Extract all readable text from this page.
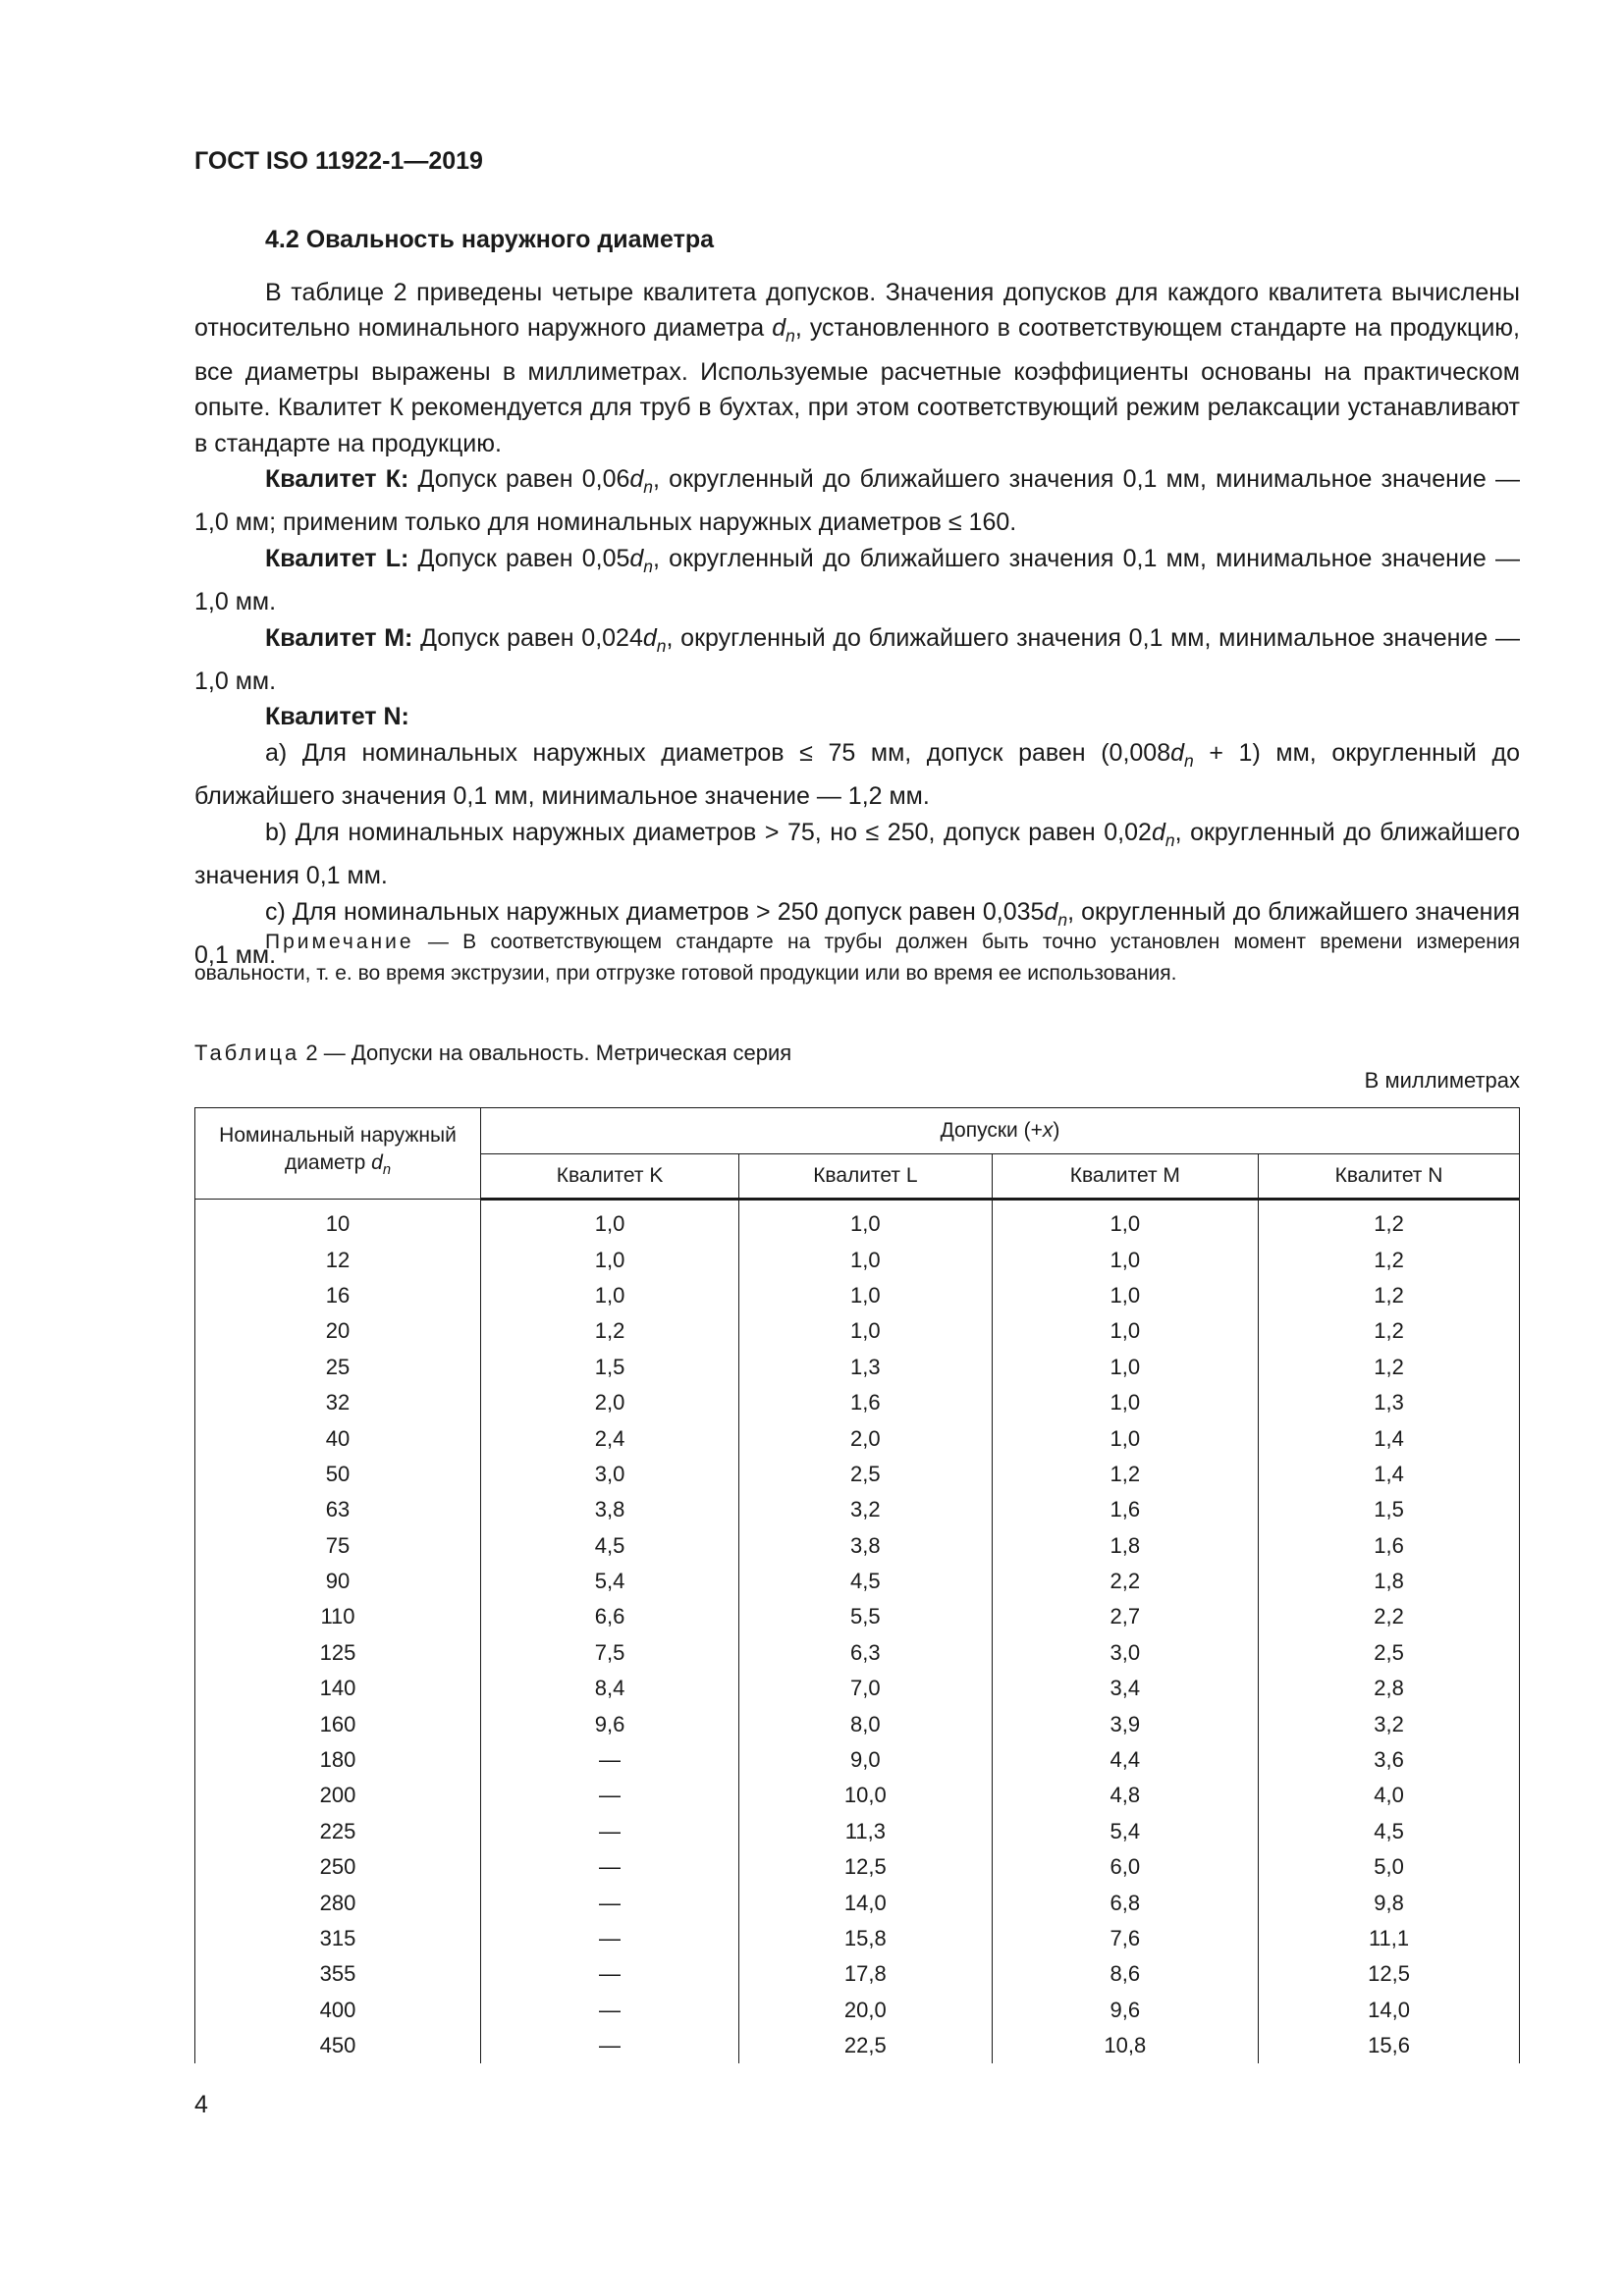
ГОСТ ISO 11922-1—2019
4.2 Овальность наружного диаметра

В таблице 2 приведены четыре квалитета допусков. Значения допусков для каждого квалитета вычислены относительно номинального наружного диаметра $d_n$, установленного в соответствующем стандарте на продукцию, все диаметры выражены в миллиметрах. Используемые расчетные коэффициенты основаны на практическом опыте. Квалитет К рекомендуется для труб в бухтах, при этом соответствующий режим релаксации устанавливают в стандарте на продукцию.

Квалитет К: Допуск равен $0,06d_n$, округленный до ближайшего значения 0,1 мм, минимальное значение — 1,0 мм; применим только для номинальных наружных диаметров ≤ 160.

Квалитет L: Допуск равен $0,05d_n$, округленный до ближайшего значения 0,1 мм, минимальное значение — 1,0 мм.

Квалитет М: Допуск равен $0,024d_n$, округленный до ближайшего значения 0,1 мм, минимальное значение — 1,0 мм.

Квалитет N:

a) Для номинальных наружных диаметров ≤ 75 мм, допуск равен $(0,008d_n + 1)$ мм, округленный до ближайшего значения 0,1 мм, минимальное значение — 1,2 мм.

b) Для номинальных наружных диаметров > 75, но ≤ 250, допуск равен $0,02d_n$, округленный до ближайшего значения 0,1 мм.

c) Для номинальных наружных диаметров > 250 допуск равен $0,035d_n$, округленный до ближайшего значения 0,1 мм.

Примечание — В соответствующем стандарте на трубы должен быть точно установлен момент времени измерения овальности, т. е. во время экструзии, при отгрузке готовой продукции или во время ее использования.

Таблица 2 — Допуски на овальность. Метрическая серия
В миллиметрах
Номинальный наружный диаметр $d_n$	Допуски (+x)			
	Квалитет K	Квалитет L	Квалитет M	Квалитет N
10	1,0	1,0	1,0	1,2
12	1,0	1,0	1,0	1,2
16	1,0	1,0	1,0	1,2
20	1,2	1,0	1,0	1,2
25	1,5	1,3	1,0	1,2
32	2,0	1,6	1,0	1,3
40	2,4	2,0	1,0	1,4
50	3,0	2,5	1,2	1,4
63	3,8	3,2	1,6	1,5
75	4,5	3,8	1,8	1,6
90	5,4	4,5	2,2	1,8
110	6,6	5,5	2,7	2,2
125	7,5	6,3	3,0	2,5
140	8,4	7,0	3,4	2,8
160	9,6	8,0	3,9	3,2
180	—	9,0	4,4	3,6
200	—	10,0	4,8	4,0
225	—	11,3	5,4	4,5
250	—	12,5	6,0	5,0
280	—	14,0	6,8	9,8
315	—	15,8	7,6	11,1
355	—	17,8	8,6	12,5
400	—	20,0	9,6	14,0
450	—	22,5	10,8	15,6
4
